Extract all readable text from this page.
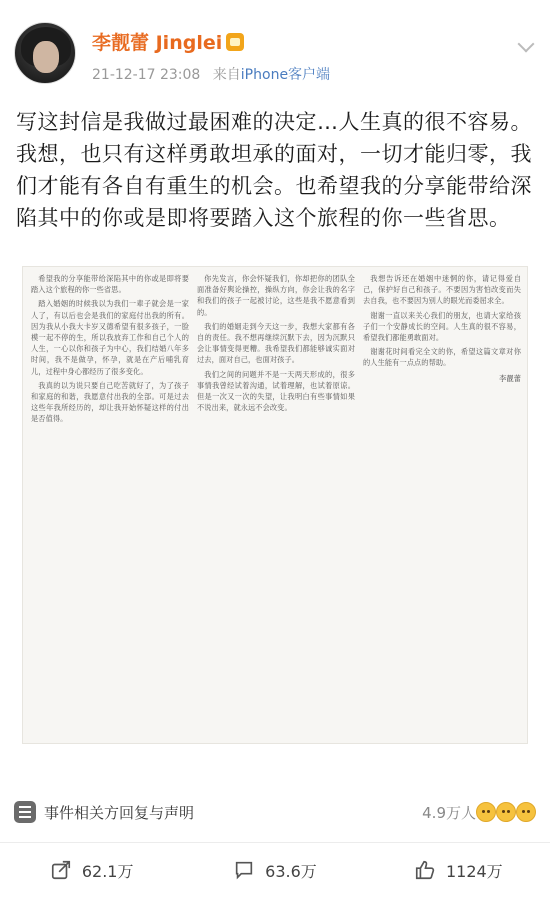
李靓蕾 Jinglei
21-12-17 23:08 来自iPhone客户端
写这封信是我做过最困难的决定…人生真的很不容易。我想，也只有这样勇敢坦承的面对，一切才能归零，我们才能有各自有重生的机会。也希望我的分享能带给深陷其中的你或是即将要踏入这个旅程的你一些省思。

希望我的分享能带给深陷其中的你或是即将要踏入这个旅程的你一些省思。

踏入婚姻的时候我以为我们一辈子就会是一家人了，有以后也会是我们的家庭付出我的所有。因为我从小我大卡岁又德希望有很多孩子，一脸模一起不停的生，所以我放弃工作和自己个人的人生，一心以你和孩子为中心，我们结婚八年多时间，我不是做孕，怀孕，就是在产后哺乳育儿，过程中身心都经历了很多变化。

我真的以为说只要自己吃苦就好了，为了孩子和家庭的和谐，我愿意付出我的全部。可是过去这些年我所经历的，却让我开始怀疑这样的付出是否值得。

你先发言，你会怀疑我们，你却把你的团队全面准备好舆论操控，操纵方向，你会让我的名字和我们的孩子一起被讨论，这些是我不愿意看到的。

我们的婚姻走到今天这一步，我想大家都有各自的责任。我不想再继续沉默下去，因为沉默只会让事情变得更糟。我希望我们都能够诚实面对过去，面对自己，也面对孩子。

我们之间的问题并不是一天两天形成的，很多事情我曾经试着沟通，试着理解，也试着原谅。但是一次又一次的失望，让我明白有些事情如果不说出来，就永远不会改变。

我想告诉还在婚姻中迷惘的你，请记得爱自己，保护好自己和孩子。不要因为害怕改变而失去自我，也不要因为别人的眼光而委屈求全。

谢谢一直以来关心我们的朋友，也请大家给孩子们一个安静成长的空间。人生真的很不容易，希望我们都能勇敢面对。

谢谢花时间看完全文的你，希望这篇文章对你的人生能有一点点的帮助。

李靓蕾
事件相关方回复与声明	4.9万人
62.1万	63.6万	1124万
